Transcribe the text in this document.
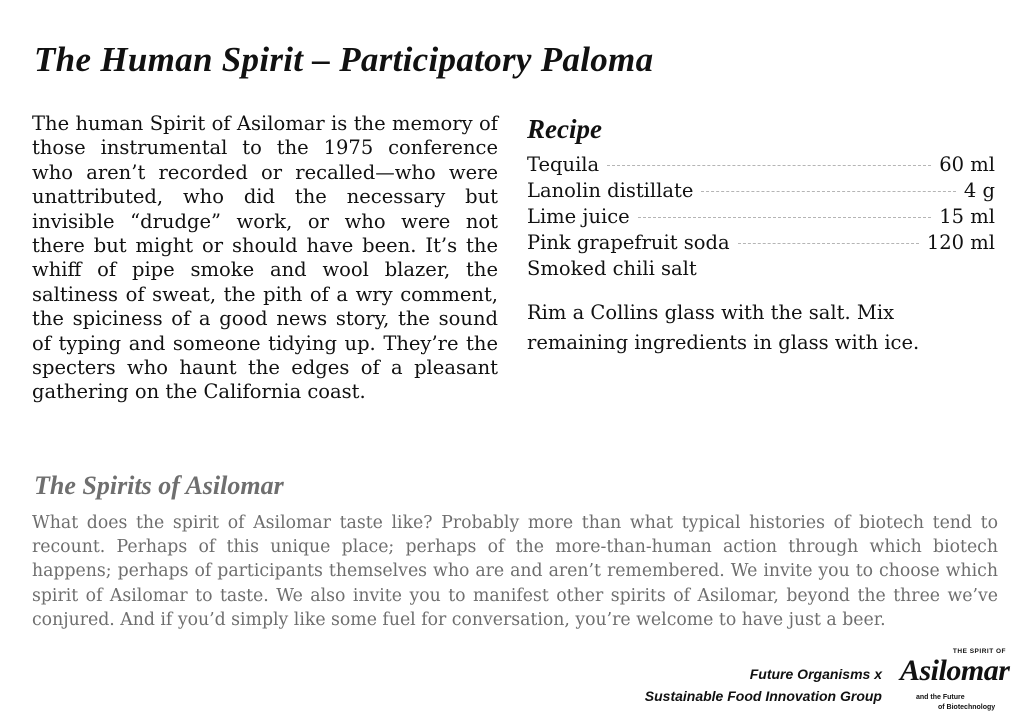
The Human Spirit – Participatory Paloma

The human Spirit of Asilomar is the memory of those instrumental to the 1975 conference who aren’t recorded or recalled—who were unattributed, who did the necessary but invisible “drudge” work, or who were not there but might or should have been. It’s the whiff of pipe smoke and wool blazer, the saltiness of sweat, the pith of a wry comment, the spiciness of a good news story, the sound of typing and someone tidying up. They’re the specters who haunt the edges of a pleasant gathering on the California coast.

Recipe
Tequila	60 ml
Lanolin distillate	4 g
Lime juice	15 ml
Pink grapefruit soda	120 ml
Smoked chili salt

Rim a Collins glass with the salt. Mix remaining ingredients in glass with ice.

The Spirits of Asilomar

What does the spirit of Asilomar taste like? Probably more than what typical histories of biotech tend to recount. Perhaps of this unique place; perhaps of the more-than-human action through which biotech happens; perhaps of participants themselves who are and aren’t remembered. We invite you to choose which spirit of Asilomar to taste. We also invite you to manifest other spirits of Asilomar, beyond the three we’ve conjured. And if you’d simply like some fuel for conversation, you’re welcome to have just a beer.

Future Organisms x
Sustainable Food Innovation Group
THE SPIRIT OF
Asilomar
and the Future
of Biotechnology
